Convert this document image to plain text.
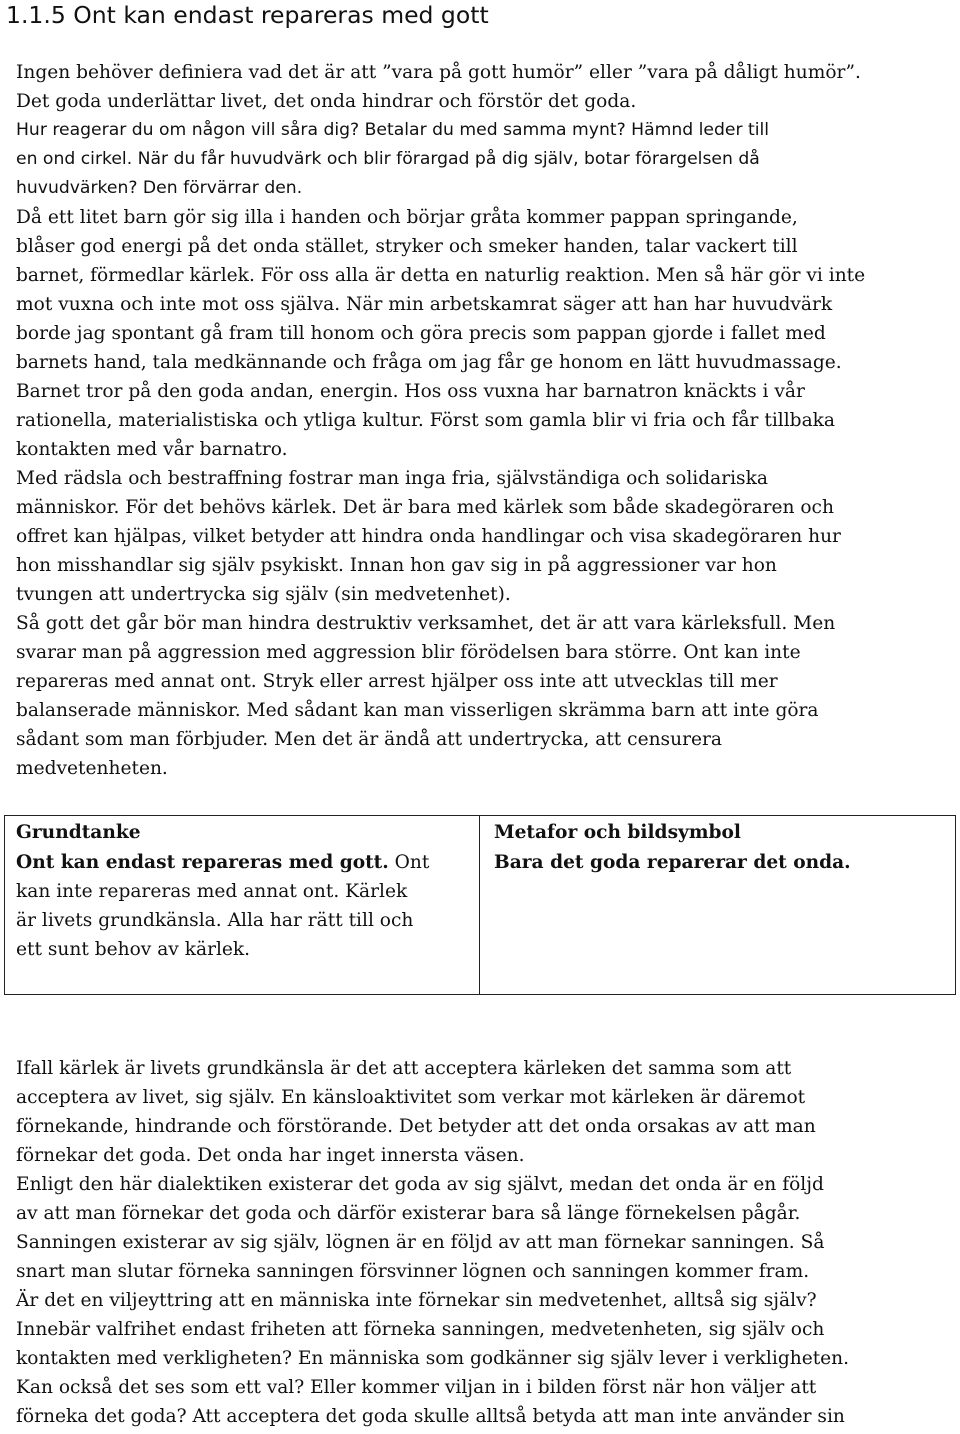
1.1.5 Ont kan endast repareras med gott

Ingen behöver definiera vad det är att ”vara på gott humör” eller ”vara på dåligt humör”.

Det goda underlättar livet, det onda hindrar och förstör det goda.

Hur reagerar du om någon vill såra dig? Betalar du med samma mynt? Hämnd leder till

en ond cirkel. När du får huvudvärk och blir förargad på dig själv, botar förargelsen då

huvudvärken? Den förvärrar den.

Då ett litet barn gör sig illa i handen och börjar gråta kommer pappan springande,

blåser god energi på det onda stället, stryker och smeker handen, talar vackert till

barnet, förmedlar kärlek. För oss alla är detta en naturlig reaktion. Men så här gör vi inte

mot vuxna och inte mot oss själva. När min arbetskamrat säger att han har huvudvärk

borde jag spontant gå fram till honom och göra precis som pappan gjorde i fallet med

barnets hand, tala medkännande och fråga om jag får ge honom en lätt huvudmassage.

Barnet tror på den goda andan, energin. Hos oss vuxna har barnatron knäckts i vår

rationella, materialistiska och ytliga kultur. Först som gamla blir vi fria och får tillbaka

kontakten med vår barnatro.

Med rädsla och bestraffning fostrar man inga fria, självständiga och solidariska

människor. För det behövs kärlek. Det är bara med kärlek som både skadegöraren och

offret kan hjälpas, vilket betyder att hindra onda handlingar och visa skadegöraren hur

hon misshandlar sig själv psykiskt. Innan hon gav sig in på aggressioner var hon

tvungen att undertrycka sig själv (sin medvetenhet).

Så gott det går bör man hindra destruktiv verksamhet, det är att vara kärleksfull. Men

svarar man på aggression med aggression blir förödelsen bara större. Ont kan inte

repareras med annat ont. Stryk eller arrest hjälper oss inte att utvecklas till mer

balanserade människor. Med sådant kan man visserligen skrämma barn att inte göra

sådant som man förbjuder. Men det är ändå att undertrycka, att censurera

medvetenheten.

Grundtanke

Ont kan endast repareras med gott. Ont

kan inte repareras med annat ont. Kärlek

är livets grundkänsla. Alla har rätt till och

ett sunt behov av kärlek.

Metafor och bildsymbol

Bara det goda reparerar det onda.

Ifall kärlek är livets grundkänsla är det att acceptera kärleken det samma som att

acceptera av livet, sig själv. En känsloaktivitet som verkar mot kärleken är däremot

förnekande, hindrande och förstörande. Det betyder att det onda orsakas av att man

förnekar det goda. Det onda har inget innersta väsen.

Enligt den här dialektiken existerar det goda av sig självt, medan det onda är en följd

av att man förnekar det goda och därför existerar bara så länge förnekelsen pågår.

Sanningen existerar av sig själv, lögnen är en följd av att man förnekar sanningen. Så

snart man slutar förneka sanningen försvinner lögnen och sanningen kommer fram.

Är det en viljeyttring att en människa inte förnekar sin medvetenhet, alltså sig själv?

Innebär valfrihet endast friheten att förneka sanningen, medvetenheten, sig själv och

kontakten med verkligheten? En människa som godkänner sig själv lever i verkligheten.

Kan också det ses som ett val? Eller kommer viljan in i bilden först när hon väljer att

förneka det goda? Att acceptera det goda skulle alltså betyda att man inte använder sin
